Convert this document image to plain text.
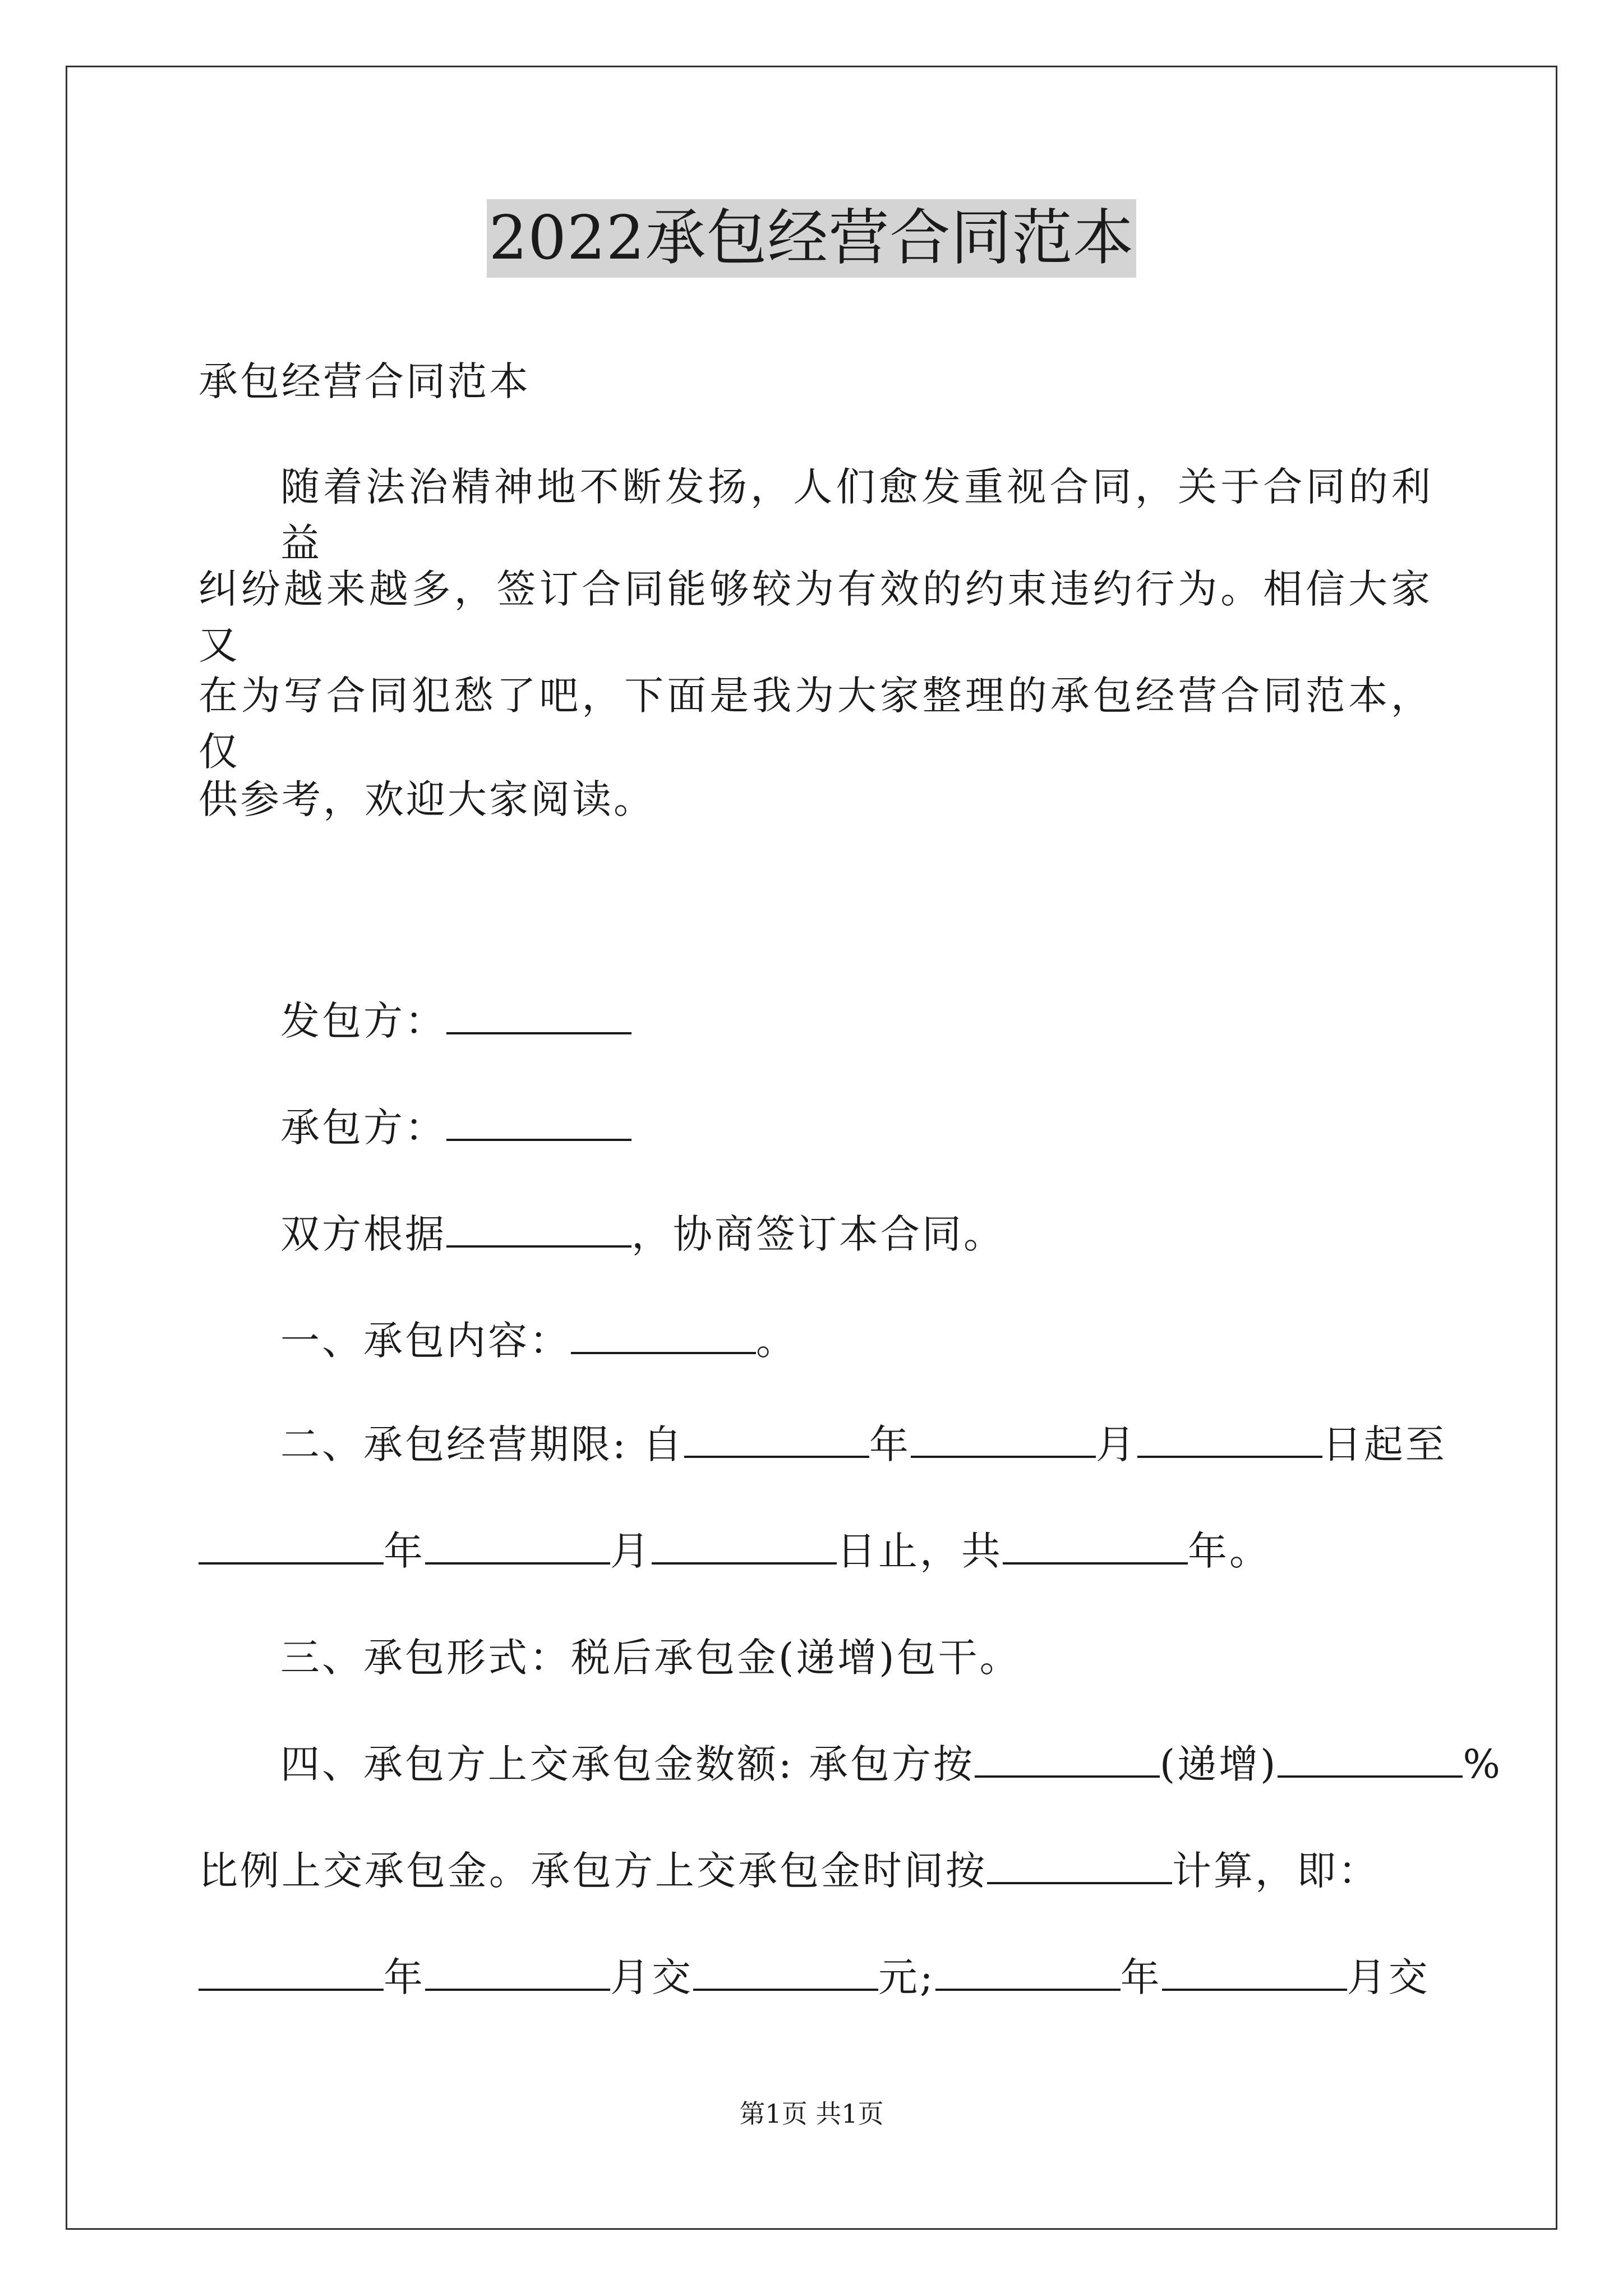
2022承包经营合同范本
承包经营合同范本
随着法治精神地不断发扬，人们愈发重视合同，关于合同的利益
纠纷越来越多，签订合同能够较为有效的约束违约行为。相信大家又
在为写合同犯愁了吧，下面是我为大家整理的承包经营合同范本，仅
供参考，欢迎大家阅读。
发包方：
承包方：
双方根据	，协商签订本合同。
一、承包内容：	。
二、承包经营期限: 自	年	月	日起至
年	月	日止，共	年。
三、承包形式：税后承包金(递增)包干。
四、承包方上交承包金数额: 承包方按	(递增)	%
比例上交承包金。承包方上交承包金时间按	计算，即：
年	月交	元;	年	月交
第1页 共1页
